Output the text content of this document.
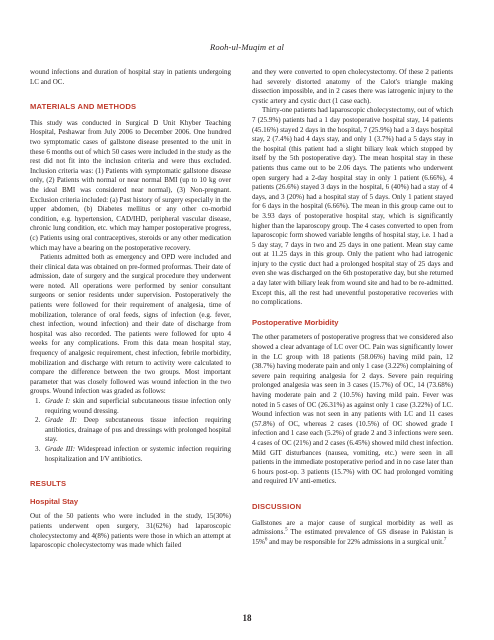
Rooh-ul-Muqim et al

wound infections and duration of hospital stay in patients undergoing LC and OC.

MATERIALS AND METHODS

This study was conducted in Surgical D Unit Khyber Teaching Hospital, Peshawar from July 2006 to December 2006. One hundred two symptomatic cases of gallstone disease presented to the unit in these 6 months out of which 50 cases were included in the study as the rest did not fit into the inclusion criteria and were thus excluded. Inclusion criteria was: (1) Patients with symptomatic gallstone disease only, (2) Patients with normal or near normal BMI (up to 10 kg over the ideal BMI was considered near normal), (3) Non-pregnant. Exclusion criteria included: (a) Past history of surgery especially in the upper abdomen, (b) Diabetes mellitus or any other co-morbid condition, e.g. hypertension, CAD/IHD, peripheral vascular disease, chronic lung condition, etc. which may hamper postoperative progress, (c) Patients using oral contraceptives, steroids or any other medication which may have a bearing on the postoperative recovery.

Patients admitted both as emergency and OPD were included and their clinical data was obtained on pre-formed proformas. Their date of admission, date of surgery and the surgical procedure they underwent were noted. All operations were performed by senior consultant surgeons or senior residents under supervision. Postoperatively the patients were followed for their requirement of analgesia, time of mobilization, tolerance of oral feeds, signs of infection (e.g. fever, chest infection, wound infection) and their date of discharge from hospital was also recorded. The patients were followed for upto 4 weeks for any complications. From this data mean hospital stay, frequency of analgesic requirement, chest infection, febrile morbidity, mobilization and discharge with return to activity were calculated to compare the difference between the two groups. Most important parameter that was closely followed was wound infection in the two groups. Wound infection was graded as follows:

1. Grade I: skin and superficial subcutaneous tissue infection only requiring wound dressing.
2. Grade II: Deep subcutaneous tissue infection requiring antibiotics, drainage of pus and dressings with prolonged hospital stay.
3. Grade III: Widespread infection or systemic infection requiring hospitalization and I/V antibiotics.
RESULTS
Hospital Stay

Out of the 50 patients who were included in the study, 15(30%) patients underwent open surgery, 31(62%) had laparoscopic cholecystectomy and 4(8%) patients were those in which an attempt at laparoscopic cholecystectomy was made which failed

and they were converted to open cholecystectomy. Of these 2 patients had severely distorted anatomy of the Calot's triangle making dissection impossible, and in 2 cases there was iatrogenic injury to the cystic artery and cystic duct (1 case each).

Thirty-one patients had laparoscopic cholecystectomy, out of which 7 (25.9%) patients had a 1 day postoperative hospital stay, 14 patients (45.16%) stayed 2 days in the hospital, 7 (25.9%) had a 3 days hospital stay, 2 (7.4%) had 4 days stay, and only 1 (3.7%) had a 5 days stay in the hospital (this patient had a slight biliary leak which stopped by itself by the 5th postoperative day). The mean hospital stay in these patients thus came out to be 2.06 days. The patients who underwent open surgery had a 2-day hospital stay in only 1 patient (6.66%), 4 patients (26.6%) stayed 3 days in the hospital, 6 (40%) had a stay of 4 days, and 3 (20%) had a hospital stay of 5 days. Only 1 patient stayed for 6 days in the hospital (6.66%). The mean in this group came out to be 3.93 days of postoperative hospital stay, which is significantly higher than the laparoscopy group. The 4 cases converted to open from laparoscopic form showed variable lengths of hospital stay, i.e. 1 had a 5 day stay, 7 days in two and 25 days in one patient. Mean stay came out at 11.25 days in this group. Only the patient who had iatrogenic injury to the cystic duct had a prolonged hospital stay of 25 days and even she was discharged on the 6th postoperative day, but she returned a day later with biliary leak from wound site and had to be re-admitted. Except this, all the rest had uneventful postoperative recoveries with no complications.

Postoperative Morbidity

The other parameters of postoperative progress that we considered also showed a clear advantage of LC over OC. Pain was significantly lower in the LC group with 18 patients (58.06%) having mild pain, 12 (38.7%) having moderate pain and only 1 case (3.22%) complaining of severe pain requiring analgesia for 2 days. Severe pain requiring prolonged analgesia was seen in 3 cases (15.7%) of OC, 14 (73.68%) having moderate pain and 2 (10.5%) having mild pain. Fever was noted in 5 cases of OC (26.31%) as against only 1 case (3.22%) of LC. Wound infection was not seen in any patients with LC and 11 cases (57.8%) of OC, whereas 2 cases (10.5%) of OC showed grade I infection and 1 case each (5.2%) of grade 2 and 3 infections were seen. 4 cases of OC (21%) and 2 cases (6.45%) showed mild chest infection. Mild GIT disturbances (nausea, vomiting, etc.) were seen in all patients in the immediate postoperative period and in no case later than 6 hours post-op. 3 patients (15.7%) with OC had prolonged vomiting and required I/V anti-emetics.

DISCUSSION

Gallstones are a major cause of surgical morbidity as well as admissions.$^5$ The estimated prevalence of GS disease in Pakistan is 15%$^6$ and may be responsible for 22% admissions in a surgical unit.$^7$

18
